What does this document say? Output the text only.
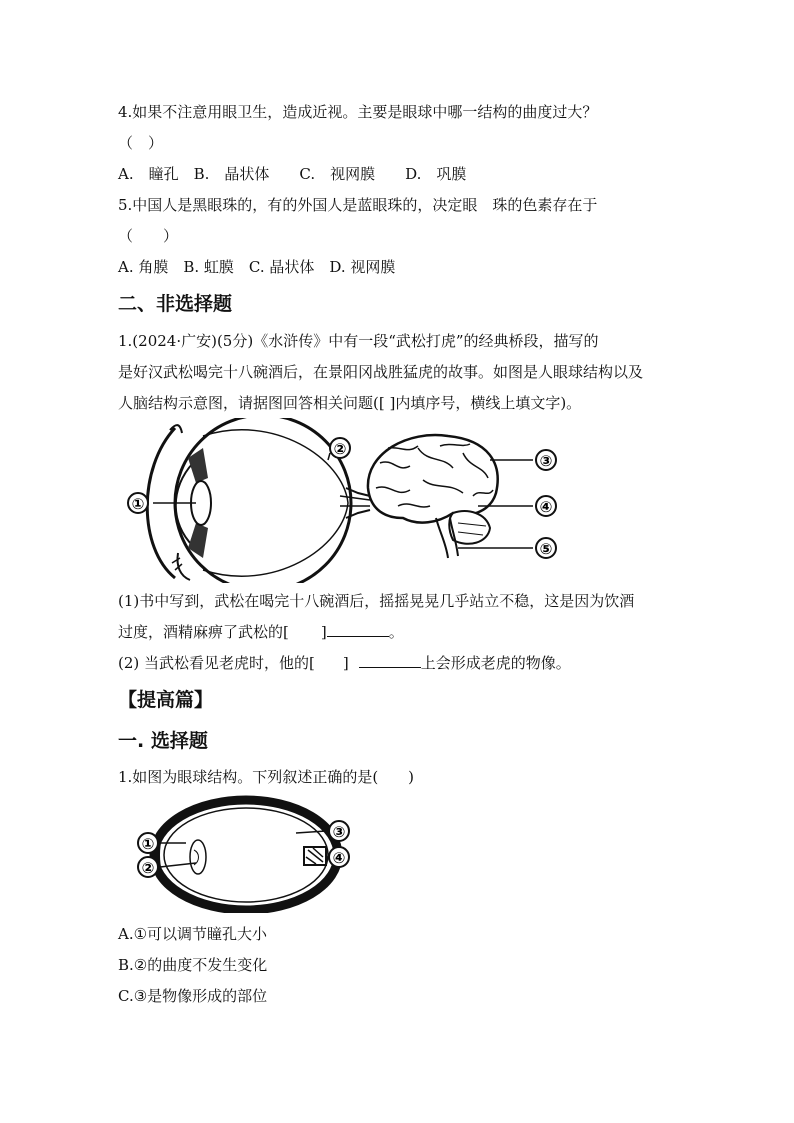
4.如果不注意用眼卫生，造成近视。主要是眼球中哪一结构的曲度过大？
（　）
A.　瞳孔　B.　晶状体　　C.　视网膜　　D.　巩膜
5.中国人是黑眼珠的，有的外国人是蓝眼珠的，决定眼　珠的色素存在于
（　　）
A. 角膜　B. 虹膜　C. 晶状体　D. 视网膜
二、非选择题
1.(2024·广安)(5分)《水浒传》中有一段“武松打虎”的经典桥段，描写的
是好汉武松喝完十八碗酒后，在景阳冈战胜猛虎的故事。如图是人眼球结构以及
人脑结构示意图，请据图回答相关问题([ ]内填序号，横线上填文字)。
①
②
③
④
⑤
(1)书中写到，武松在喝完十八碗酒后，摇摇晃晃几乎站立不稳，这是因为饮酒
过度，酒精麻痹了武松的[ ]	。
(2) 当武松看见老虎时，他的[ ]	上会形成老虎的物像。
【提高篇】
一. 选择题
1.如图为眼球结构。下列叙述正确的是(　　)
①
②
③
④
A.①可以调节瞳孔大小
B.②的曲度不发生变化
C.③是物像形成的部位
